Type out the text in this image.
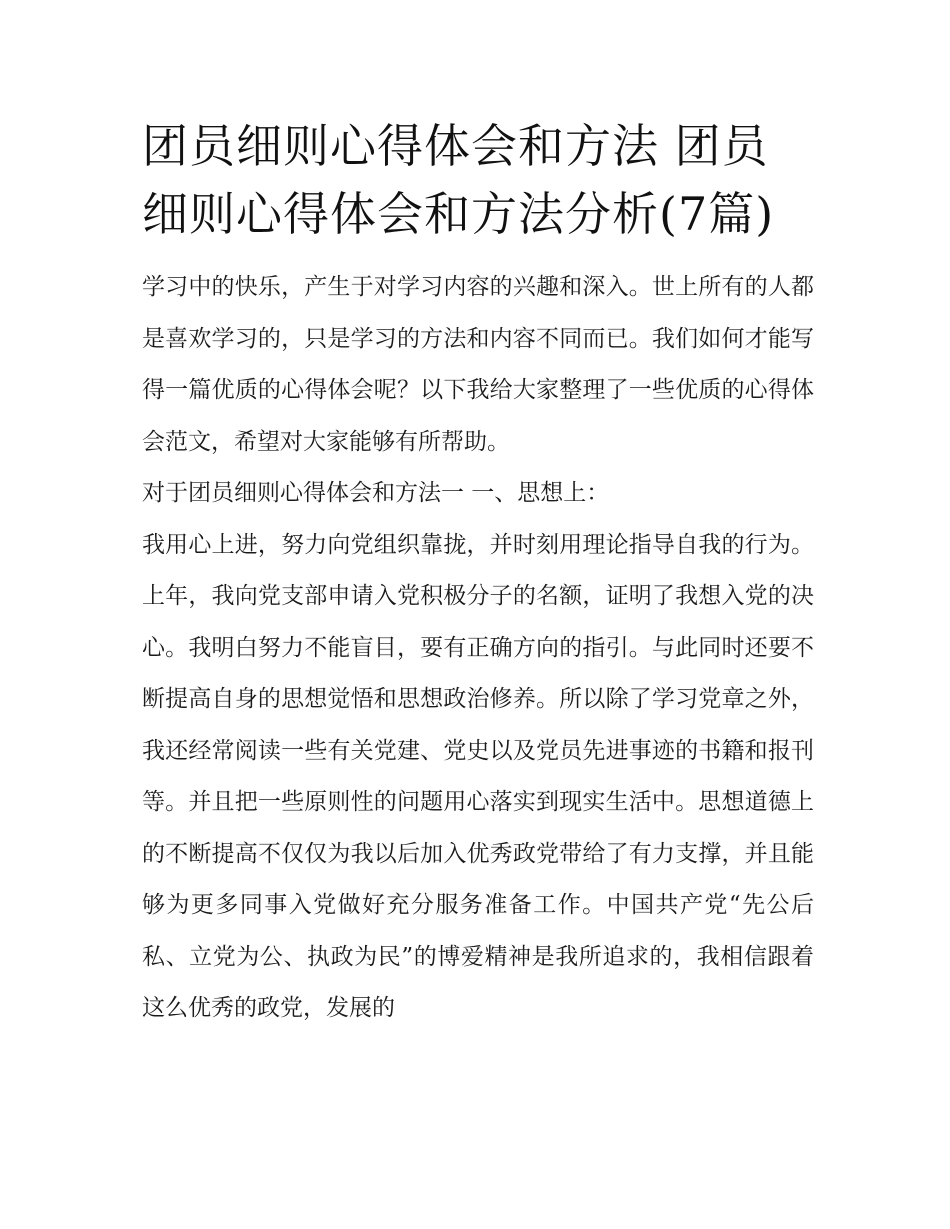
团员细则心得体会和方法 团员细则心得体会和方法分析(7篇)

学习中的快乐，产生于对学习内容的兴趣和深入。世上所有的人都是喜欢学习的，只是学习的方法和内容不同而已。我们如何才能写得一篇优质的心得体会呢？以下我给大家整理了一些优质的心得体会范文，希望对大家能够有所帮助。

对于团员细则心得体会和方法一 一、思想上：

我用心上进，努力向党组织靠拢，并时刻用理论指导自我的行为。上年，我向党支部申请入党积极分子的名额，证明了我想入党的决心。我明白努力不能盲目，要有正确方向的指引。与此同时还要不断提高自身的思想觉悟和思想政治修养。所以除了学习党章之外，我还经常阅读一些有关党建、党史以及党员先进事迹的书籍和报刊等。并且把一些原则性的问题用心落实到现实生活中。思想道德上的不断提高不仅仅为我以后加入优秀政党带给了有力支撑，并且能够为更多同事入党做好充分服务准备工作。中国共产党“先公后私、立党为公、执政为民”的博爱精神是我所追求的，我相信跟着这么优秀的政党，发展的
